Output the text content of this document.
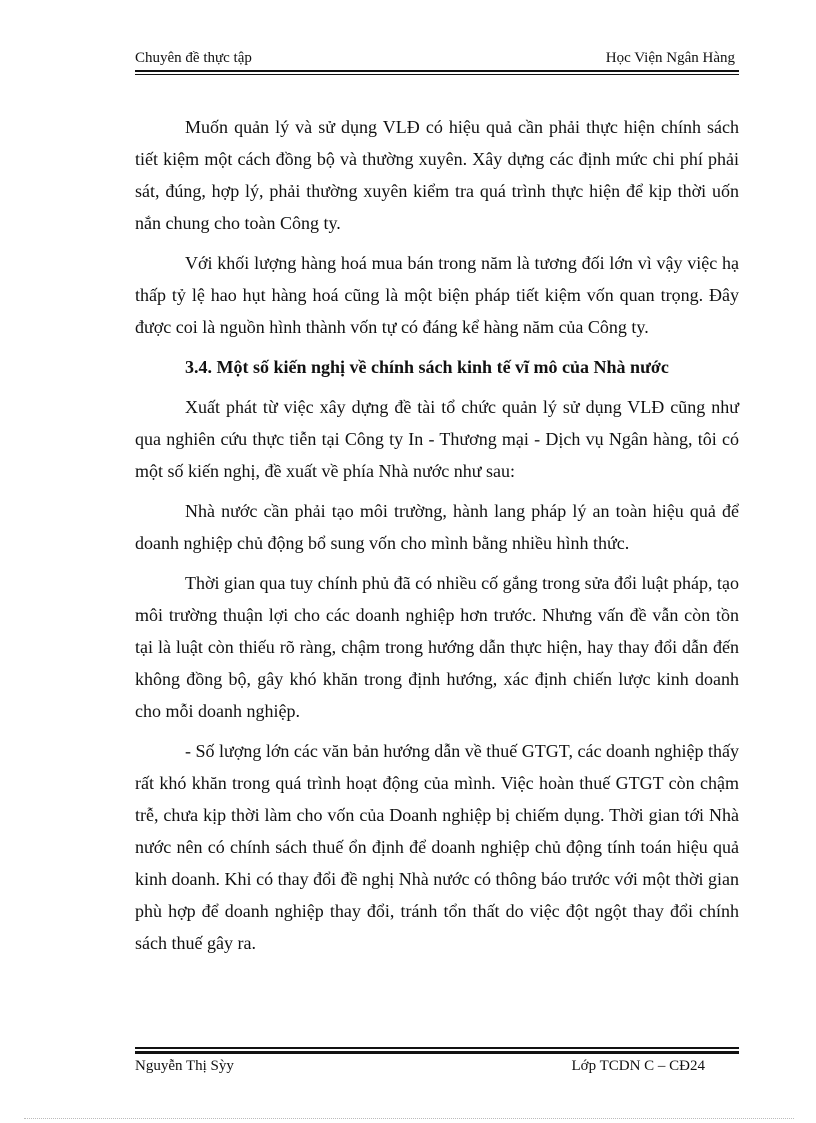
Chuyên đề thực tập	Học Viện Ngân Hàng

Muốn quản lý và sử dụng VLĐ có hiệu quả cần phải thực hiện chính sách tiết kiệm một cách đồng bộ và thường xuyên. Xây dựng các định mức chi phí phải sát, đúng, hợp lý, phải thường xuyên kiểm tra quá trình thực hiện để kịp thời uốn nắn chung cho toàn Công ty.

Với khối lượng hàng hoá mua bán trong năm là tương đối lớn vì vậy việc hạ thấp tỷ lệ hao hụt hàng hoá cũng là một biện pháp tiết kiệm vốn quan trọng. Đây được coi là nguồn hình thành vốn tự có đáng kể hàng năm của Công ty.

3.4. Một số kiến nghị về chính sách kinh tế vĩ mô của Nhà nước

Xuất phát từ việc xây dựng đề tài tổ chức quản lý sử dụng VLĐ cũng như qua nghiên cứu thực tiễn tại Công ty In - Thương mại - Dịch vụ Ngân hàng, tôi có một số kiến nghị, đề xuất về phía Nhà nước như sau:

Nhà nước cần phải tạo môi trường, hành lang pháp lý an toàn hiệu quả để doanh nghiệp chủ động bổ sung vốn cho mình bằng nhiều hình thức.

Thời gian qua tuy chính phủ đã có nhiều cố gắng trong sửa đổi luật pháp, tạo môi trường thuận lợi cho các doanh nghiệp hơn trước. Nhưng vấn đề vẫn còn tồn tại là luật còn thiếu rõ ràng, chậm trong hướng dẫn thực hiện, hay thay đổi dẫn đến không đồng bộ, gây khó khăn trong định hướng, xác định chiến lược kinh doanh cho mỗi doanh nghiệp.

- Số lượng lớn các văn bản hướng dẫn về thuế GTGT, các doanh nghiệp thấy rất khó khăn trong quá trình hoạt động của mình. Việc hoàn thuế GTGT còn chậm trễ, chưa kịp thời làm cho vốn của Doanh nghiệp bị chiếm dụng. Thời gian tới Nhà nước nên có chính sách thuế ổn định để doanh nghiệp chủ động tính toán hiệu quả kinh doanh. Khi có thay đổi đề nghị Nhà nước có thông báo trước với một thời gian phù hợp để doanh nghiệp thay đổi, tránh tổn thất do việc đột ngột thay đổi chính sách thuế gây ra.

Nguyễn Thị Sỳy	Lớp TCDN C – CĐ24
